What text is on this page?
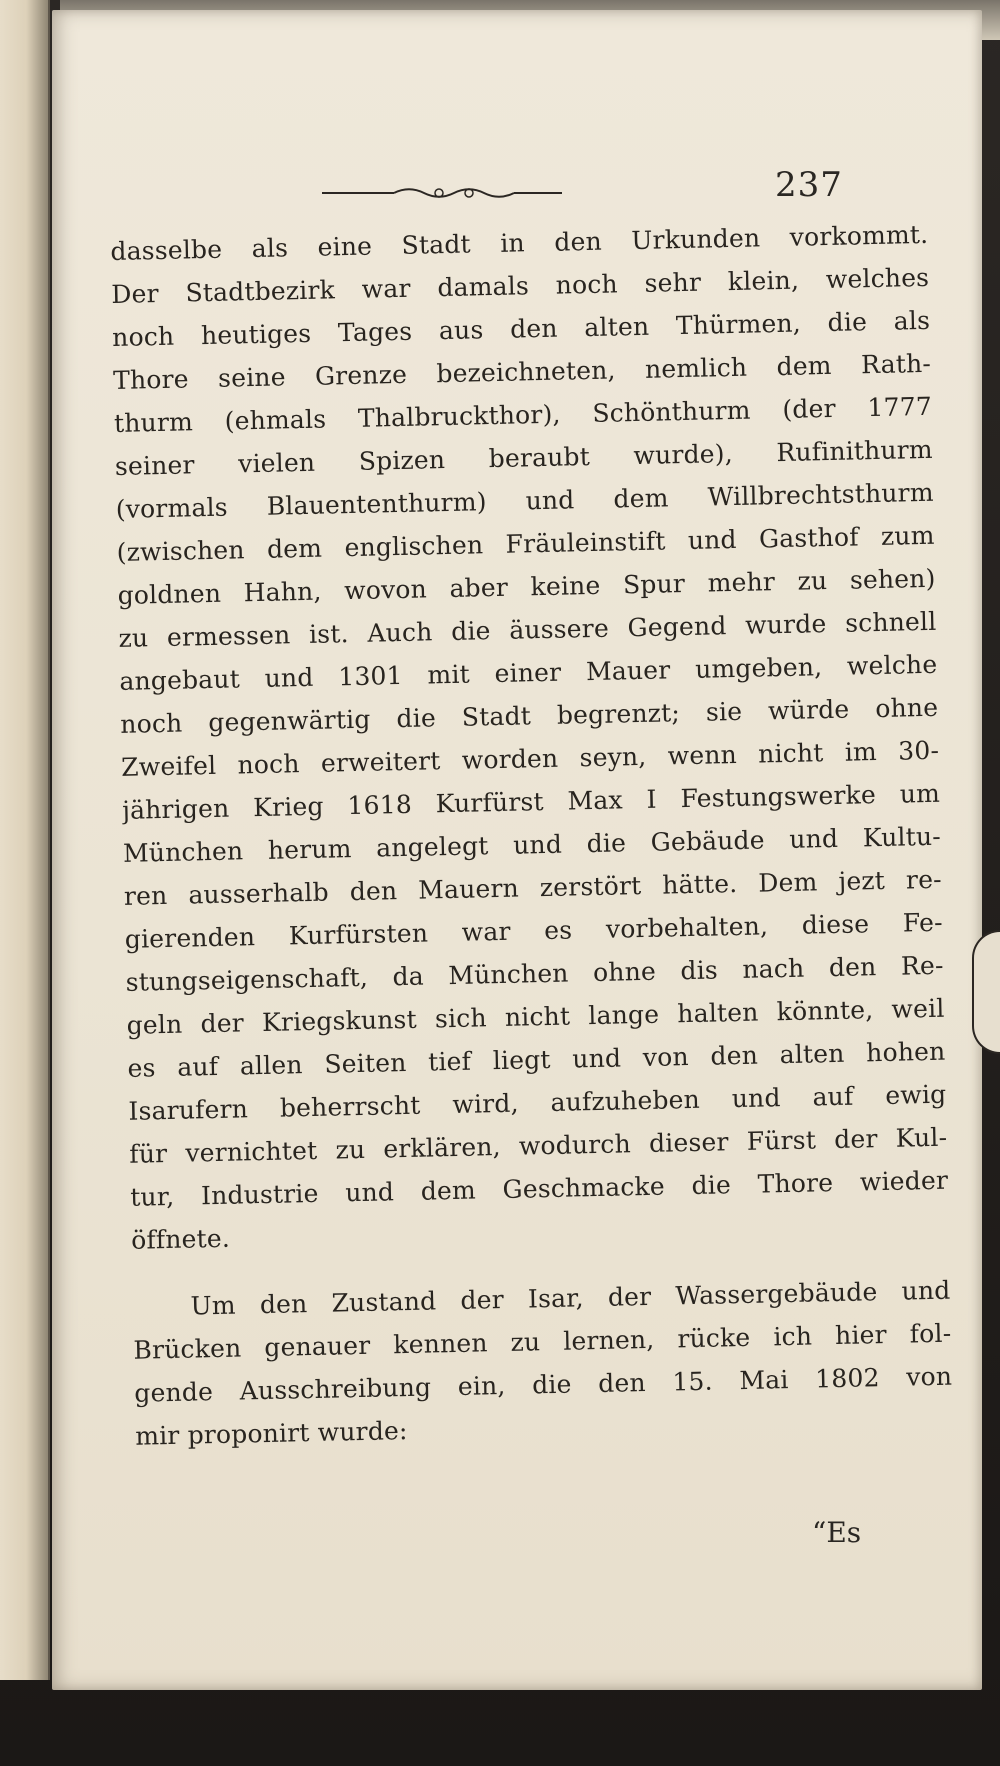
237
dasselbe als eine Stadt in den Urkunden vorkommt.
Der Stadtbezirk war damals noch sehr klein, welches
noch heutiges Tages aus den alten Thürmen, die als
Thore seine Grenze bezeichneten, nemlich dem Rath-
thurm (ehmals Thalbruckthor), Schönthurm (der 1777
seiner vielen Spizen beraubt wurde), Rufinithurm
(vormals Blauententhurm) und dem Willbrechtsthurm
(zwischen dem englischen Fräuleinstift und Gasthof zum
goldnen Hahn, wovon aber keine Spur mehr zu sehen)
zu ermessen ist. Auch die äussere Gegend wurde schnell
angebaut und 1301 mit einer Mauer umgeben, welche
noch gegenwärtig die Stadt begrenzt; sie würde ohne
Zweifel noch erweitert worden seyn, wenn nicht im 30-
jährigen Krieg 1618 Kurfürst Max I Festungswerke um
München herum angelegt und die Gebäude und Kultu-
ren ausserhalb den Mauern zerstört hätte. Dem jezt re-
gierenden Kurfürsten war es vorbehalten, diese Fe-
stungseigenschaft, da München ohne dis nach den Re-
geln der Kriegskunst sich nicht lange halten könnte, weil
es auf allen Seiten tief liegt und von den alten hohen
Isarufern beherrscht wird, aufzuheben und auf ewig
für vernichtet zu erklären, wodurch dieser Fürst der Kul-
tur, Industrie und dem Geschmacke die Thore wieder
öffnete.
Um den Zustand der Isar, der Wassergebäude und
Brücken genauer kennen zu lernen, rücke ich hier fol-
gende Ausschreibung ein, die den 15. Mai 1802 von
mir proponirt wurde:
“Es
